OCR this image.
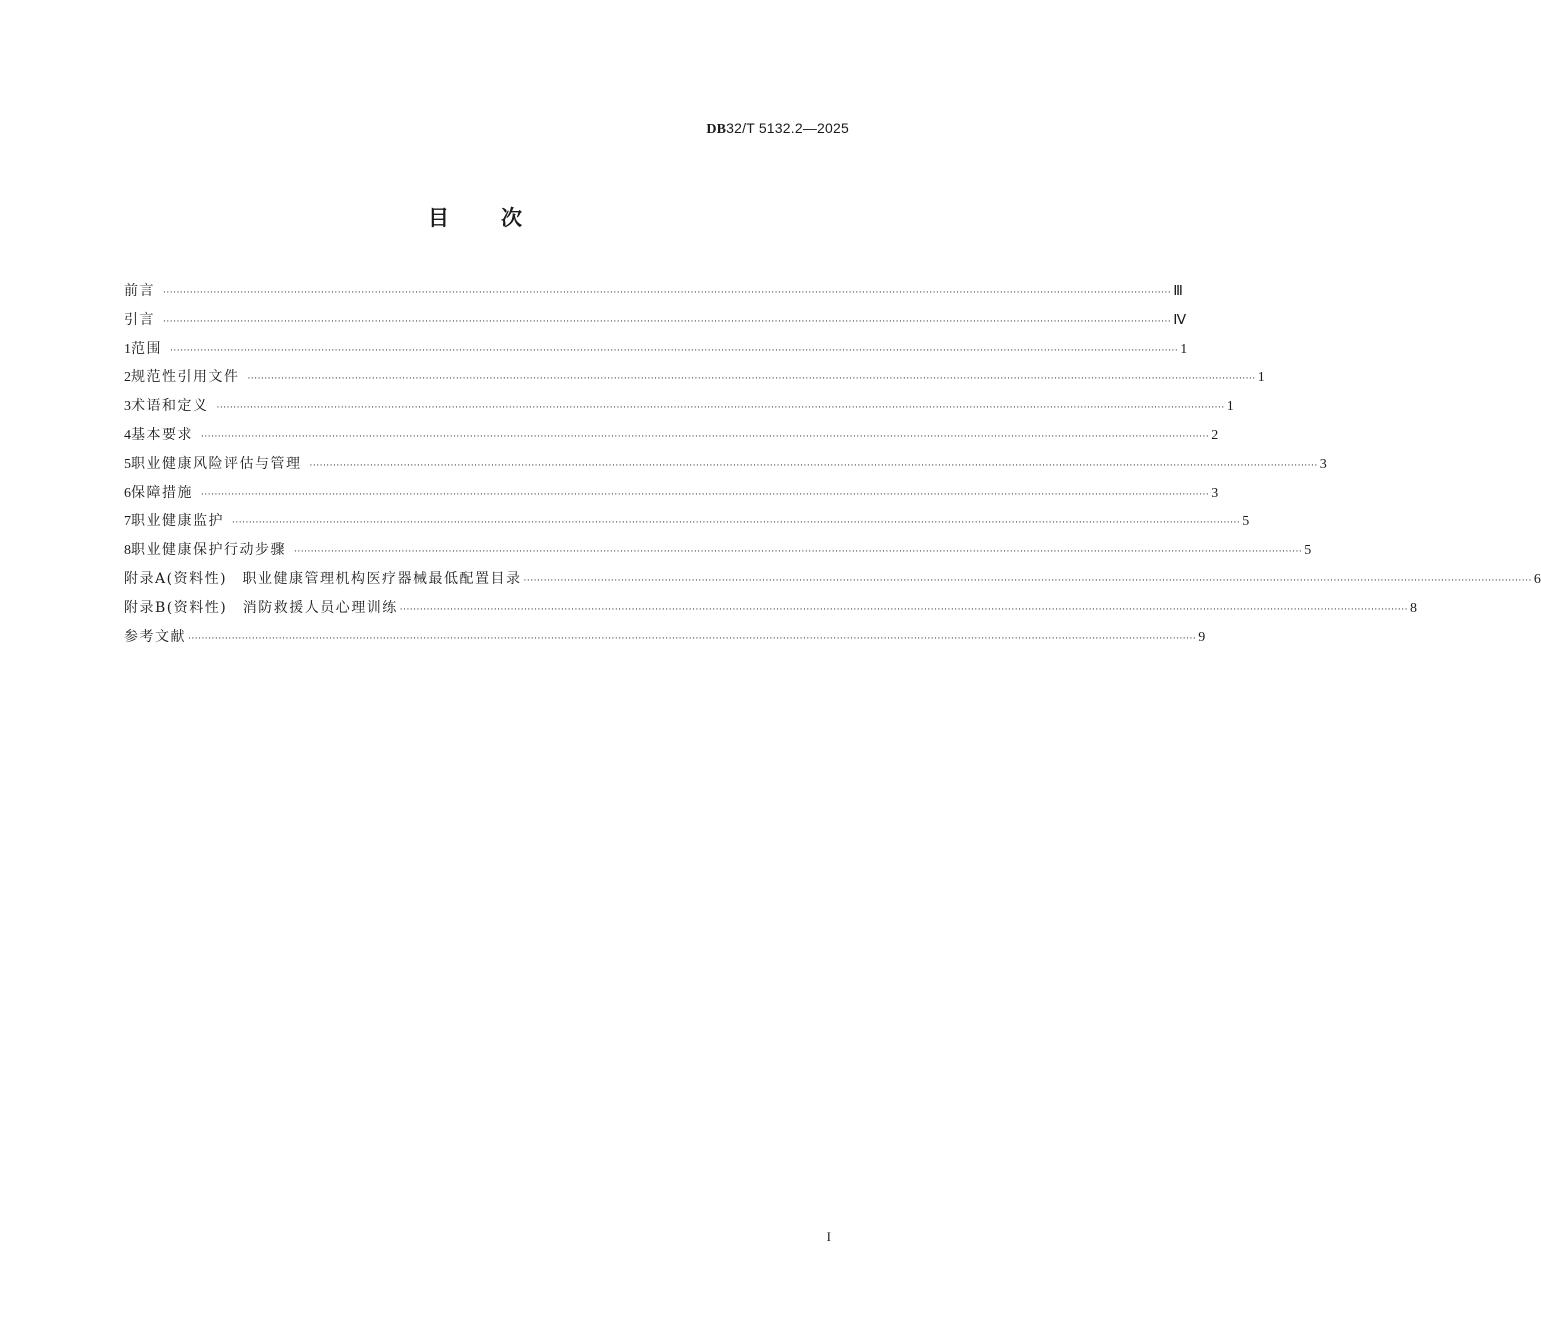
DB32/T 5132.2—2025
目次
前言 ············································································································································································································································································································ Ⅲ
引言 ············································································································································································································································································································ Ⅳ
1 范围 ············································································································································································································································································································ 1
2 规范性引用文件 ············································································································································································································································································································ 1
3 术语和定义 ············································································································································································································································································································ 1
4 基本要求 ············································································································································································································································································································ 2
5 职业健康风险评估与管理 ············································································································································································································································································································ 3
6 保障措施 ············································································································································································································································································································ 3
7 职业健康监护 ············································································································································································································································································································ 5
8 职业健康保护行动步骤 ············································································································································································································································································································ 5
附录A(资料性)　职业健康管理机构医疗器械最低配置目录 ············································································································································································································································································································ 6
附录B(资料性)　消防救援人员心理训练 ············································································································································································································································································································ 8
参考文献 ············································································································································································································································································································ 9
I
